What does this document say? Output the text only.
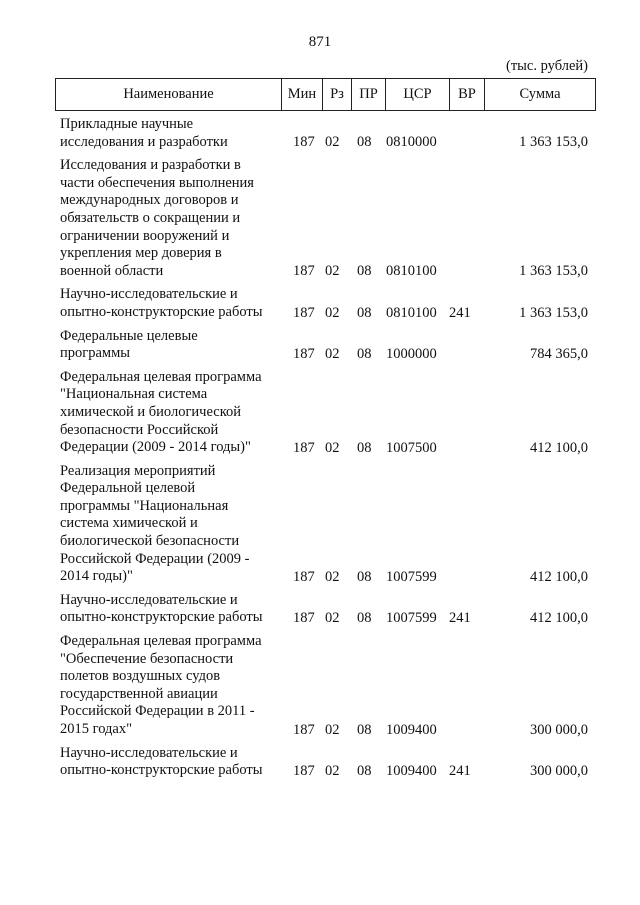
871
(тыс. рублей)
Наименование	Мин Рз	ПР	ЦСР	ВР	Сумма
Прикладные научные
исследования и разработки	187 02 08 0810000	1 363 153,0
Исследования и разработки в
части обеспечения выполнения
международных договоров и
обязательств о сокращении и
ограничении вооружений и
укрепления мер доверия в
военной области	187 02 08 0810100	1 363 153,0
Научно-исследовательские и
опытно-конструкторские работы	187 02 08 0810100 241	1 363 153,0
Федеральные целевые
программы	187 02 08 1000000	784 365,0
Федеральная целевая программа
"Национальная система
химической и биологической
безопасности Российской
Федерации (2009 - 2014 годы)"	187 02 08 1007500	412 100,0
Реализация мероприятий
Федеральной целевой
программы "Национальная
система химической и
биологической безопасности
Российской Федерации (2009 -
2014 годы)"	187 02 08 1007599	412 100,0
Научно-исследовательские и
опытно-конструкторские работы	187 02 08 1007599 241	412 100,0
Федеральная целевая программа
"Обеспечение безопасности
полетов воздушных судов
государственной авиации
Российской Федерации в 2011 -
2015 годах"	187 02 08 1009400	300 000,0
Научно-исследовательские и
опытно-конструкторские работы	187 02 08 1009400 241	300 000,0
